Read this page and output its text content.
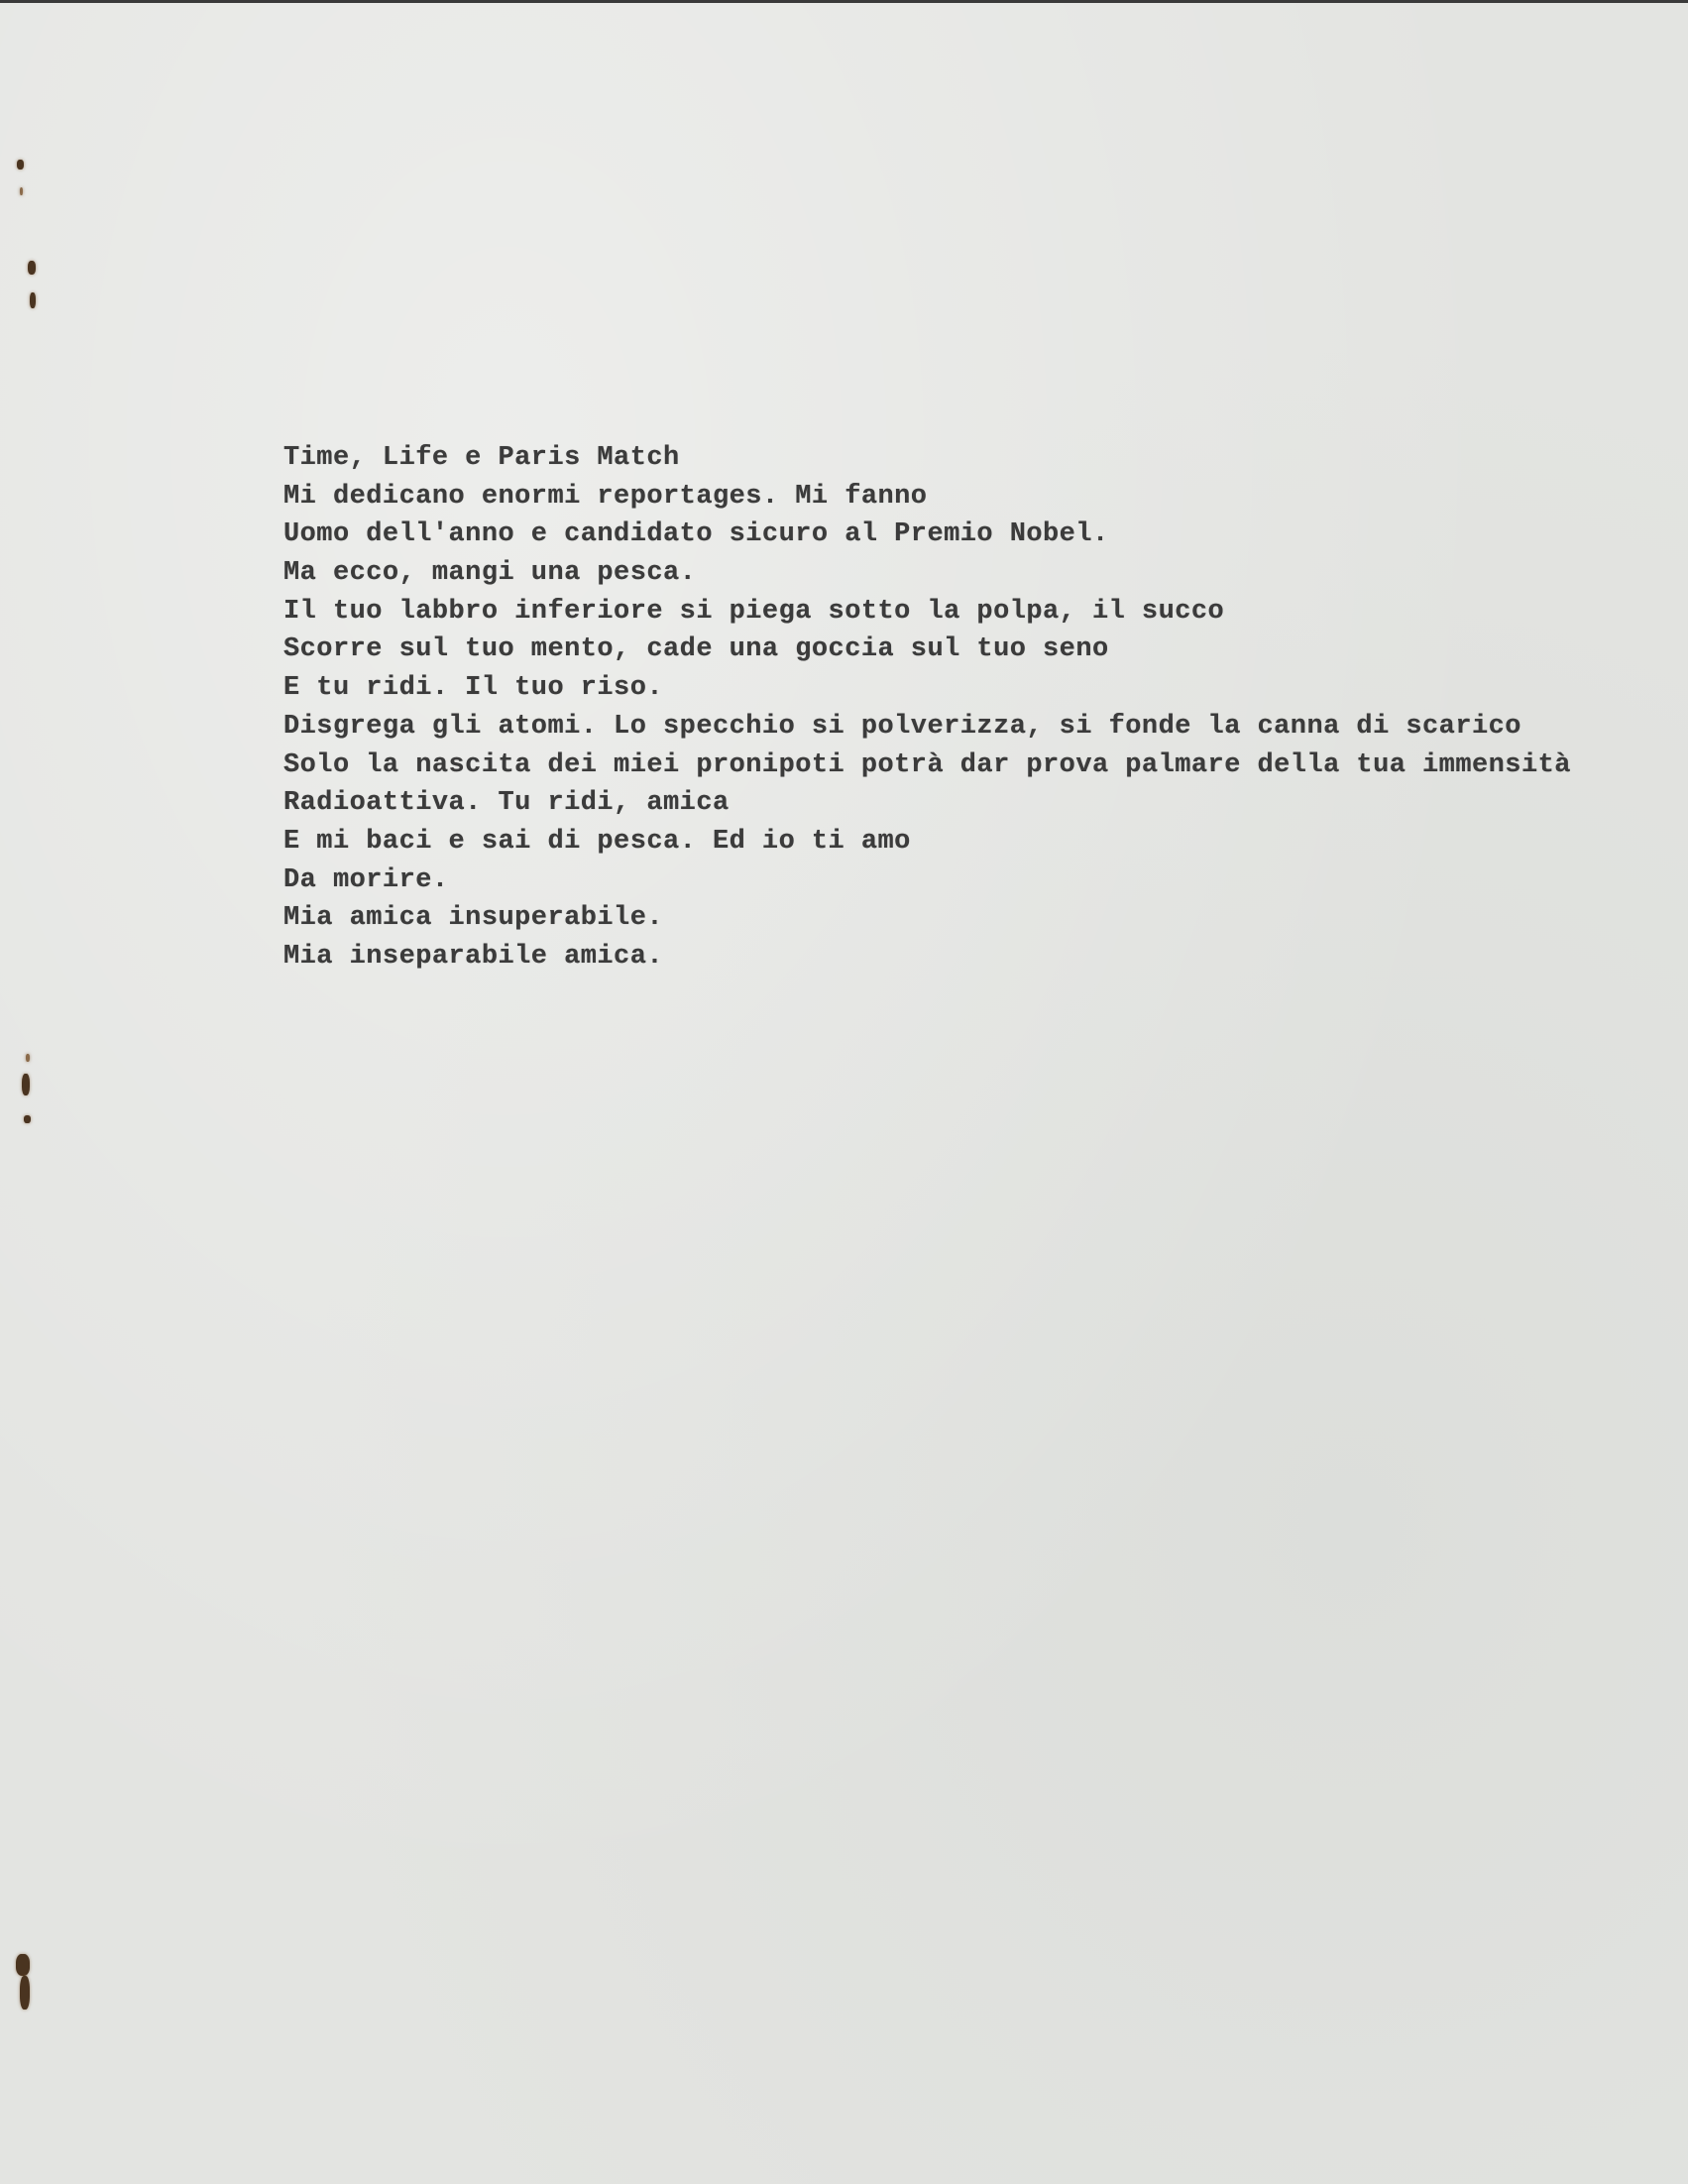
Time, Life e Paris Match
Mi dedicano enormi reportages. Mi fanno
Uomo dell'anno e candidato sicuro al Premio Nobel.
Ma ecco, mangi una pesca.
Il tuo labbro inferiore si piega sotto la polpa, il succo
Scorre sul tuo mento, cade una goccia sul tuo seno
E tu ridi. Il tuo riso.
Disgrega gli atomi. Lo specchio si polverizza, si fonde la canna di scarico
Solo la nascita dei miei pronipoti potrà dar prova palmare della tua immensità
Radioattiva. Tu ridi, amica
E mi baci e sai di pesca. Ed io ti amo
Da morire.
Mia amica insuperabile.
Mia inseparabile amica.
